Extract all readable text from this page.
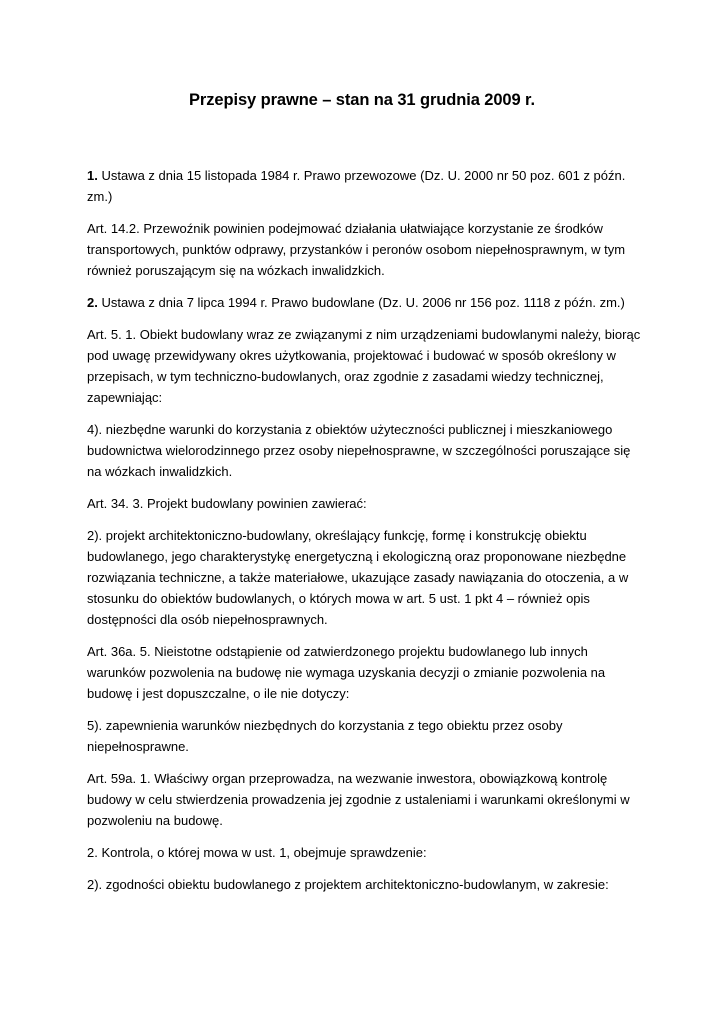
Przepisy prawne – stan na 31 grudnia 2009 r.

1. Ustawa z dnia 15 listopada 1984 r. Prawo przewozowe (Dz. U. 2000 nr 50 poz. 601 z późn. zm.)

Art. 14.2. Przewoźnik powinien podejmować działania ułatwiające korzystanie ze środków transportowych, punktów odprawy, przystanków i peronów osobom niepełnosprawnym, w tym również poruszającym się na wózkach inwalidzkich.

2. Ustawa z dnia 7 lipca 1994 r. Prawo budowlane (Dz. U. 2006 nr 156 poz. 1118 z późn. zm.)

Art. 5. 1. Obiekt budowlany wraz ze związanymi z nim urządzeniami budowlanymi należy, biorąc pod uwagę przewidywany okres użytkowania, projektować i budować w sposób określony w przepisach, w tym techniczno-budowlanych, oraz zgodnie z zasadami wiedzy technicznej, zapewniając:

4). niezbędne warunki do korzystania z obiektów użyteczności publicznej i mieszkaniowego budownictwa wielorodzinnego przez osoby niepełnosprawne, w szczególności poruszające się na wózkach inwalidzkich.

Art. 34. 3. Projekt budowlany powinien zawierać:

2). projekt architektoniczno-budowlany, określający funkcję, formę i konstrukcję obiektu budowlanego, jego charakterystykę energetyczną i ekologiczną oraz proponowane niezbędne rozwiązania techniczne, a także materiałowe, ukazujące zasady nawiązania do otoczenia, a w stosunku do obiektów budowlanych, o których mowa w art. 5 ust. 1 pkt 4 – również opis dostępności dla osób niepełnosprawnych.

Art. 36a. 5. Nieistotne odstąpienie od zatwierdzonego projektu budowlanego lub innych warunków pozwolenia na budowę nie wymaga uzyskania decyzji o zmianie pozwolenia na budowę i jest dopuszczalne, o ile nie dotyczy:

5). zapewnienia warunków niezbędnych do korzystania z tego obiektu przez osoby niepełnosprawne.

Art. 59a. 1. Właściwy organ przeprowadza, na wezwanie inwestora, obowiązkową kontrolę budowy w celu stwierdzenia prowadzenia jej zgodnie z ustaleniami i warunkami określonymi w pozwoleniu na budowę.

2. Kontrola, o której mowa w ust. 1, obejmuje sprawdzenie:

2). zgodności obiektu budowlanego z projektem architektoniczno-budowlanym, w zakresie:
